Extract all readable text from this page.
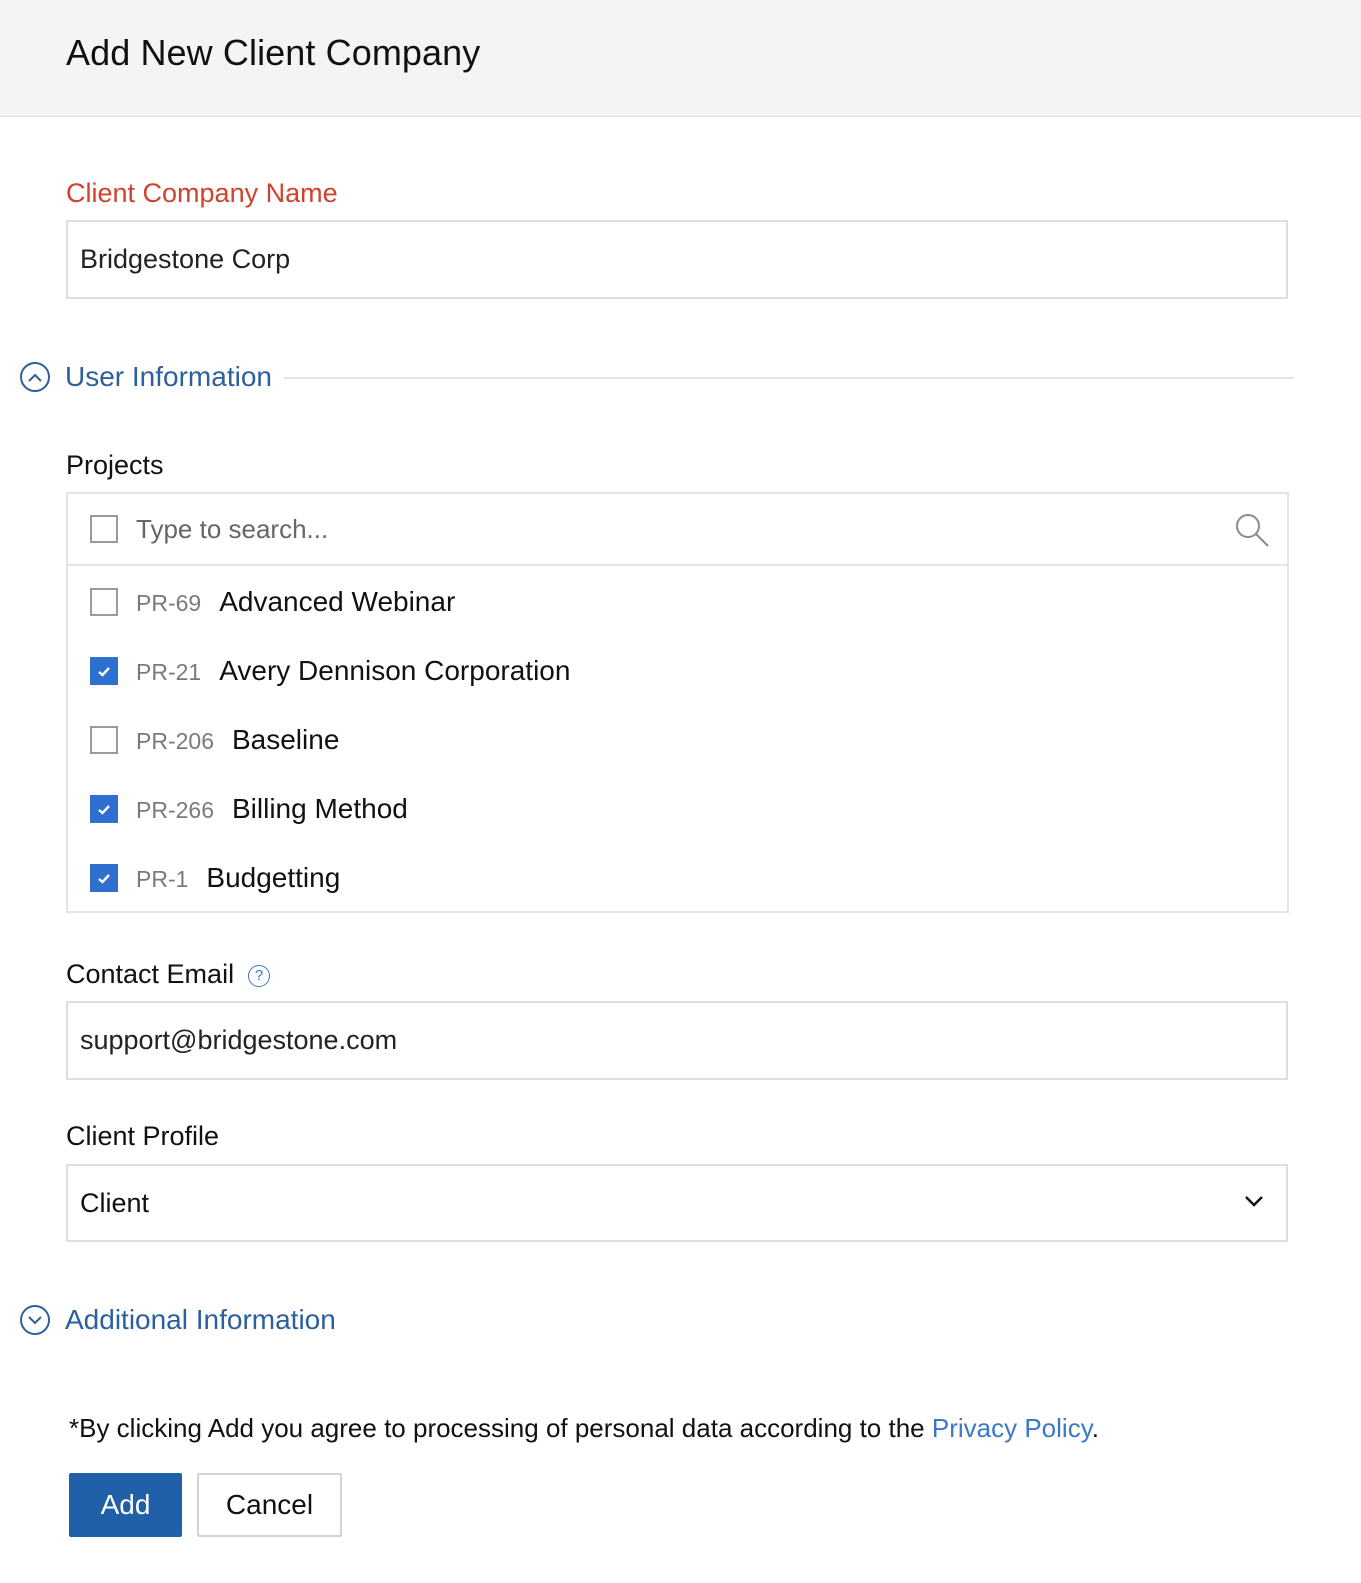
Add New Client Company
Client Company Name
Bridgestone Corp
User Information
Projects
Type to search...
PR-69 Advanced Webinar
PR-21 Avery Dennison Corporation
PR-206 Baseline
PR-266 Billing Method
PR-1 Budgetting
Contact Email	?
support@bridgestone.com
Client Profile
Client
Additional Information
*By clicking Add you agree to processing of personal data according to the Privacy Policy.
Add	Cancel
